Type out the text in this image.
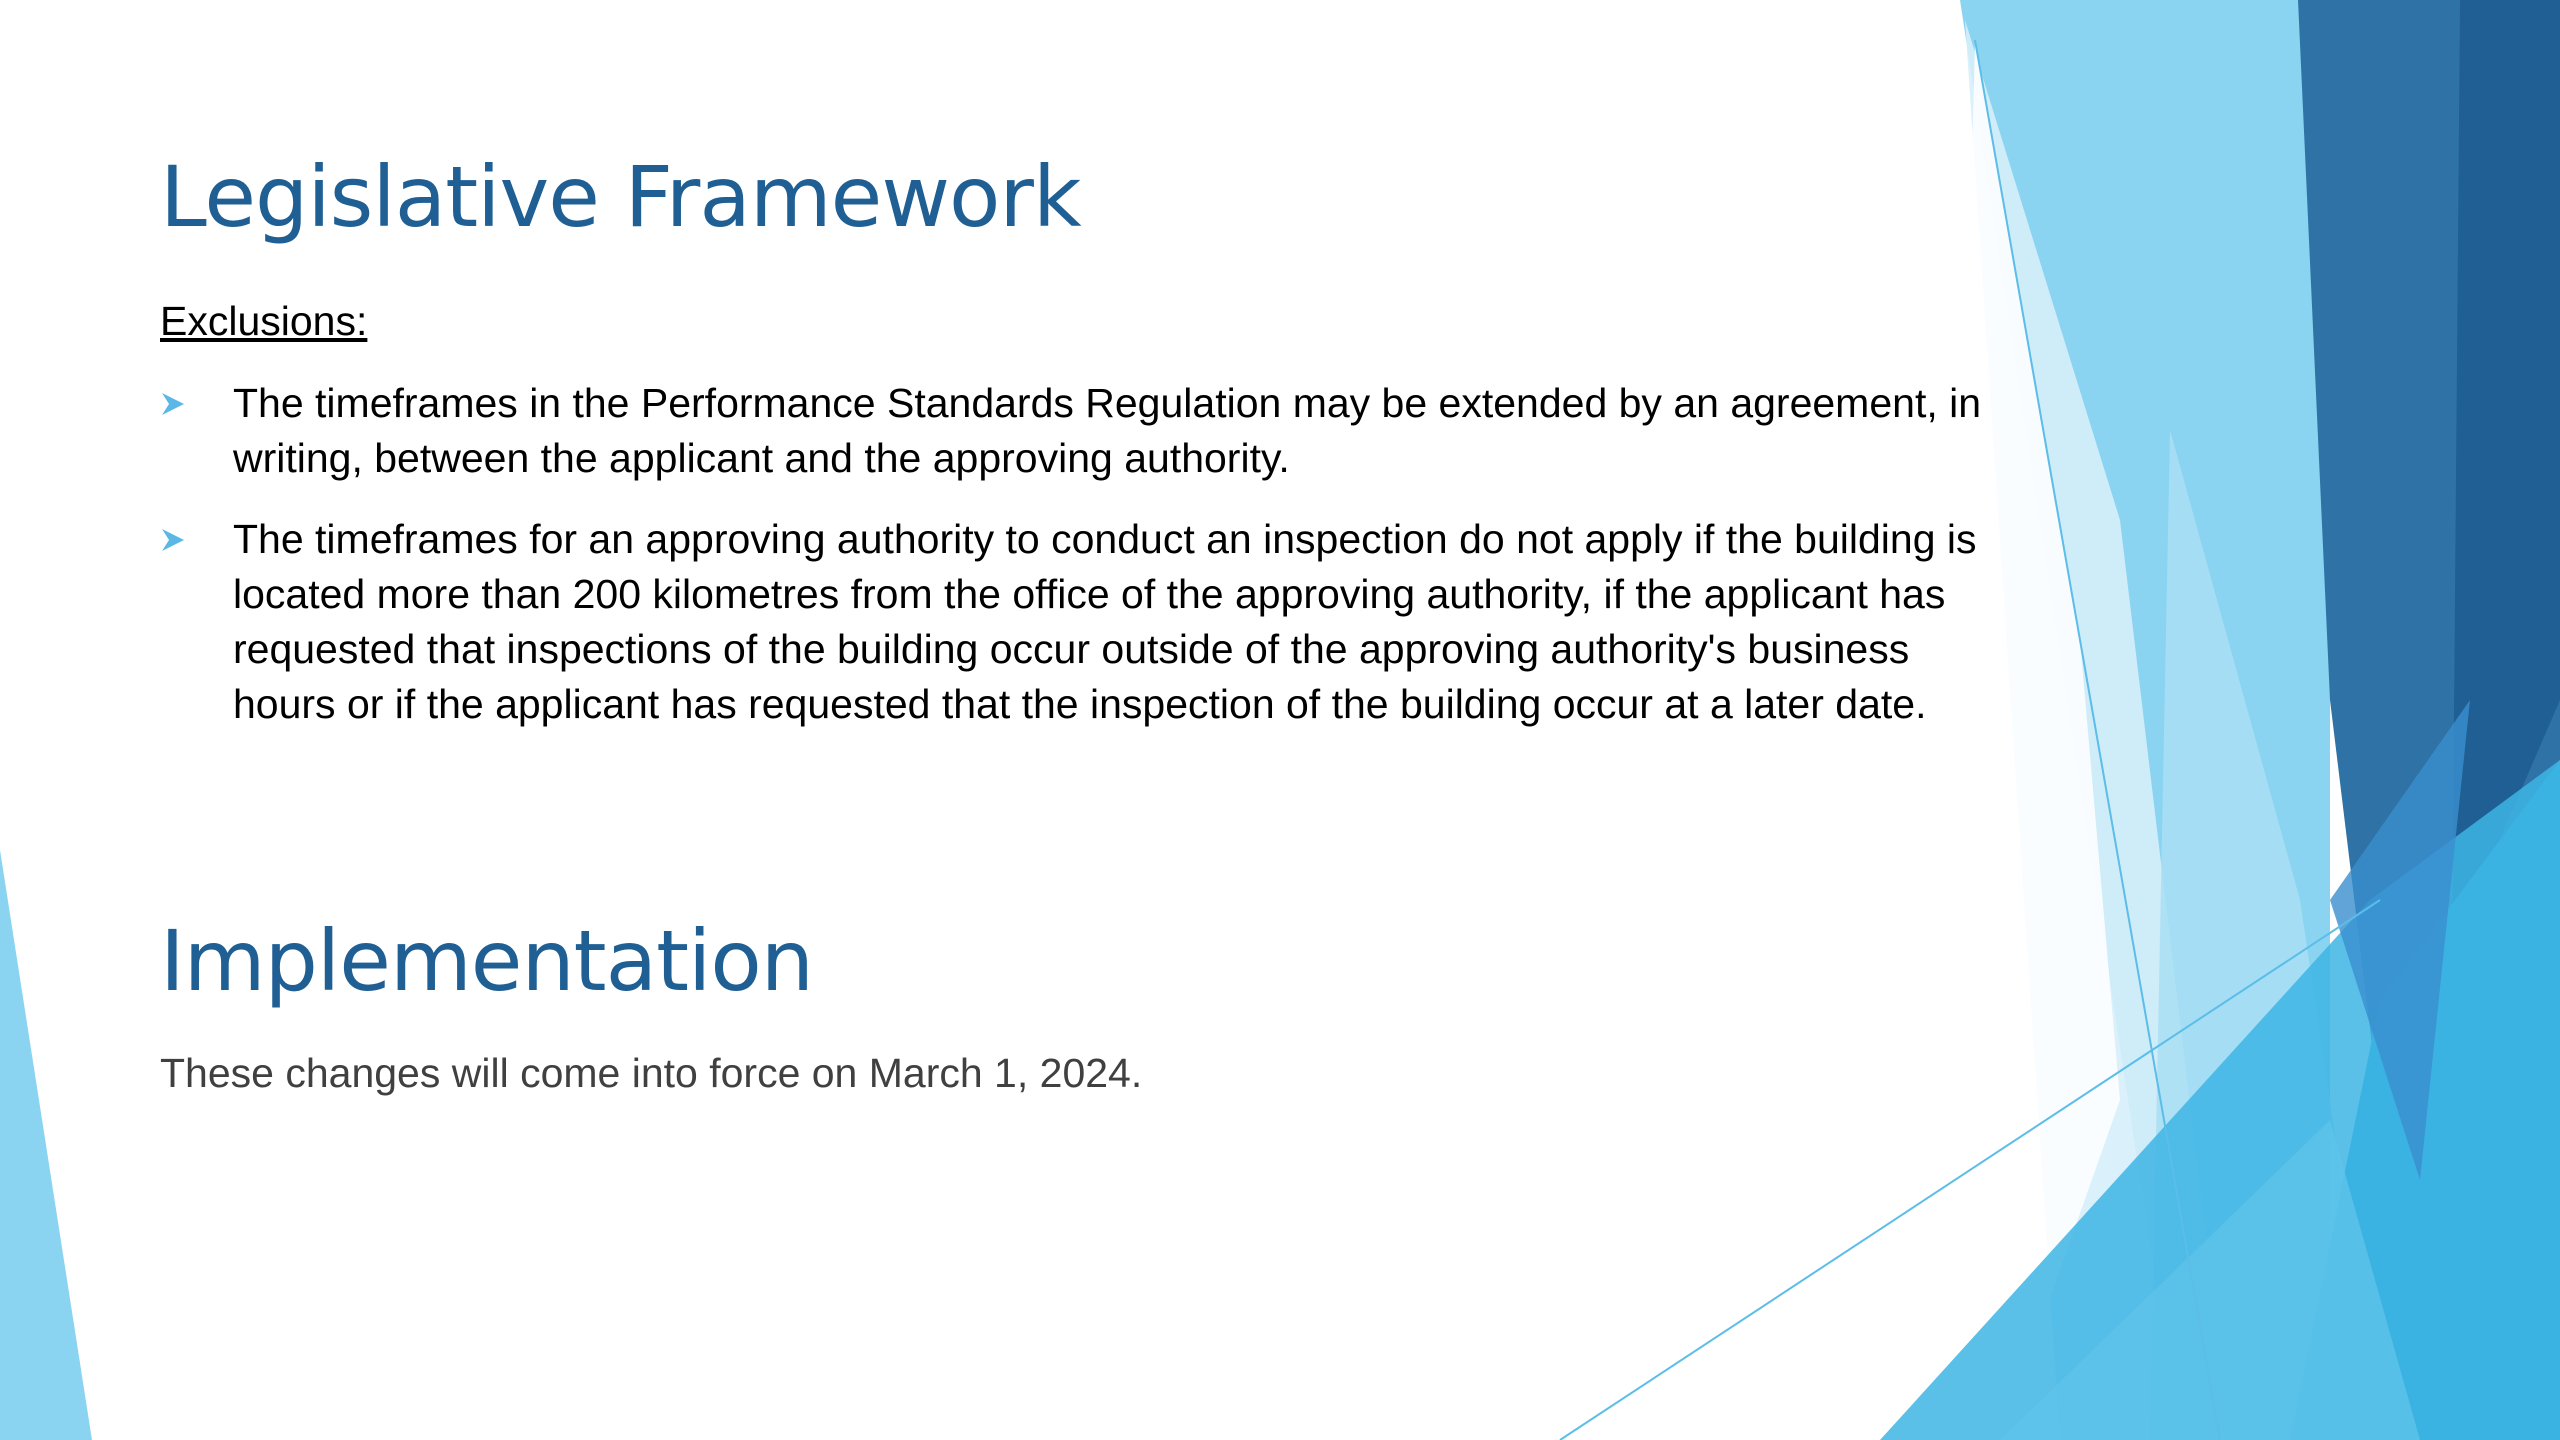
Legislative Framework
Exclusions:
The timeframes in the Performance Standards Regulation may be extended by an agreement, in writing, between the applicant and the approving authority.
The timeframes for an approving authority to conduct an inspection do not apply if the building is located more than 200 kilometres from the office of the approving authority, if the applicant has requested that inspections of the building occur outside of the approving authority's business hours or if the applicant has requested that the inspection of the building occur at a later date.
Implementation
These changes will come into force on March 1, 2024.
